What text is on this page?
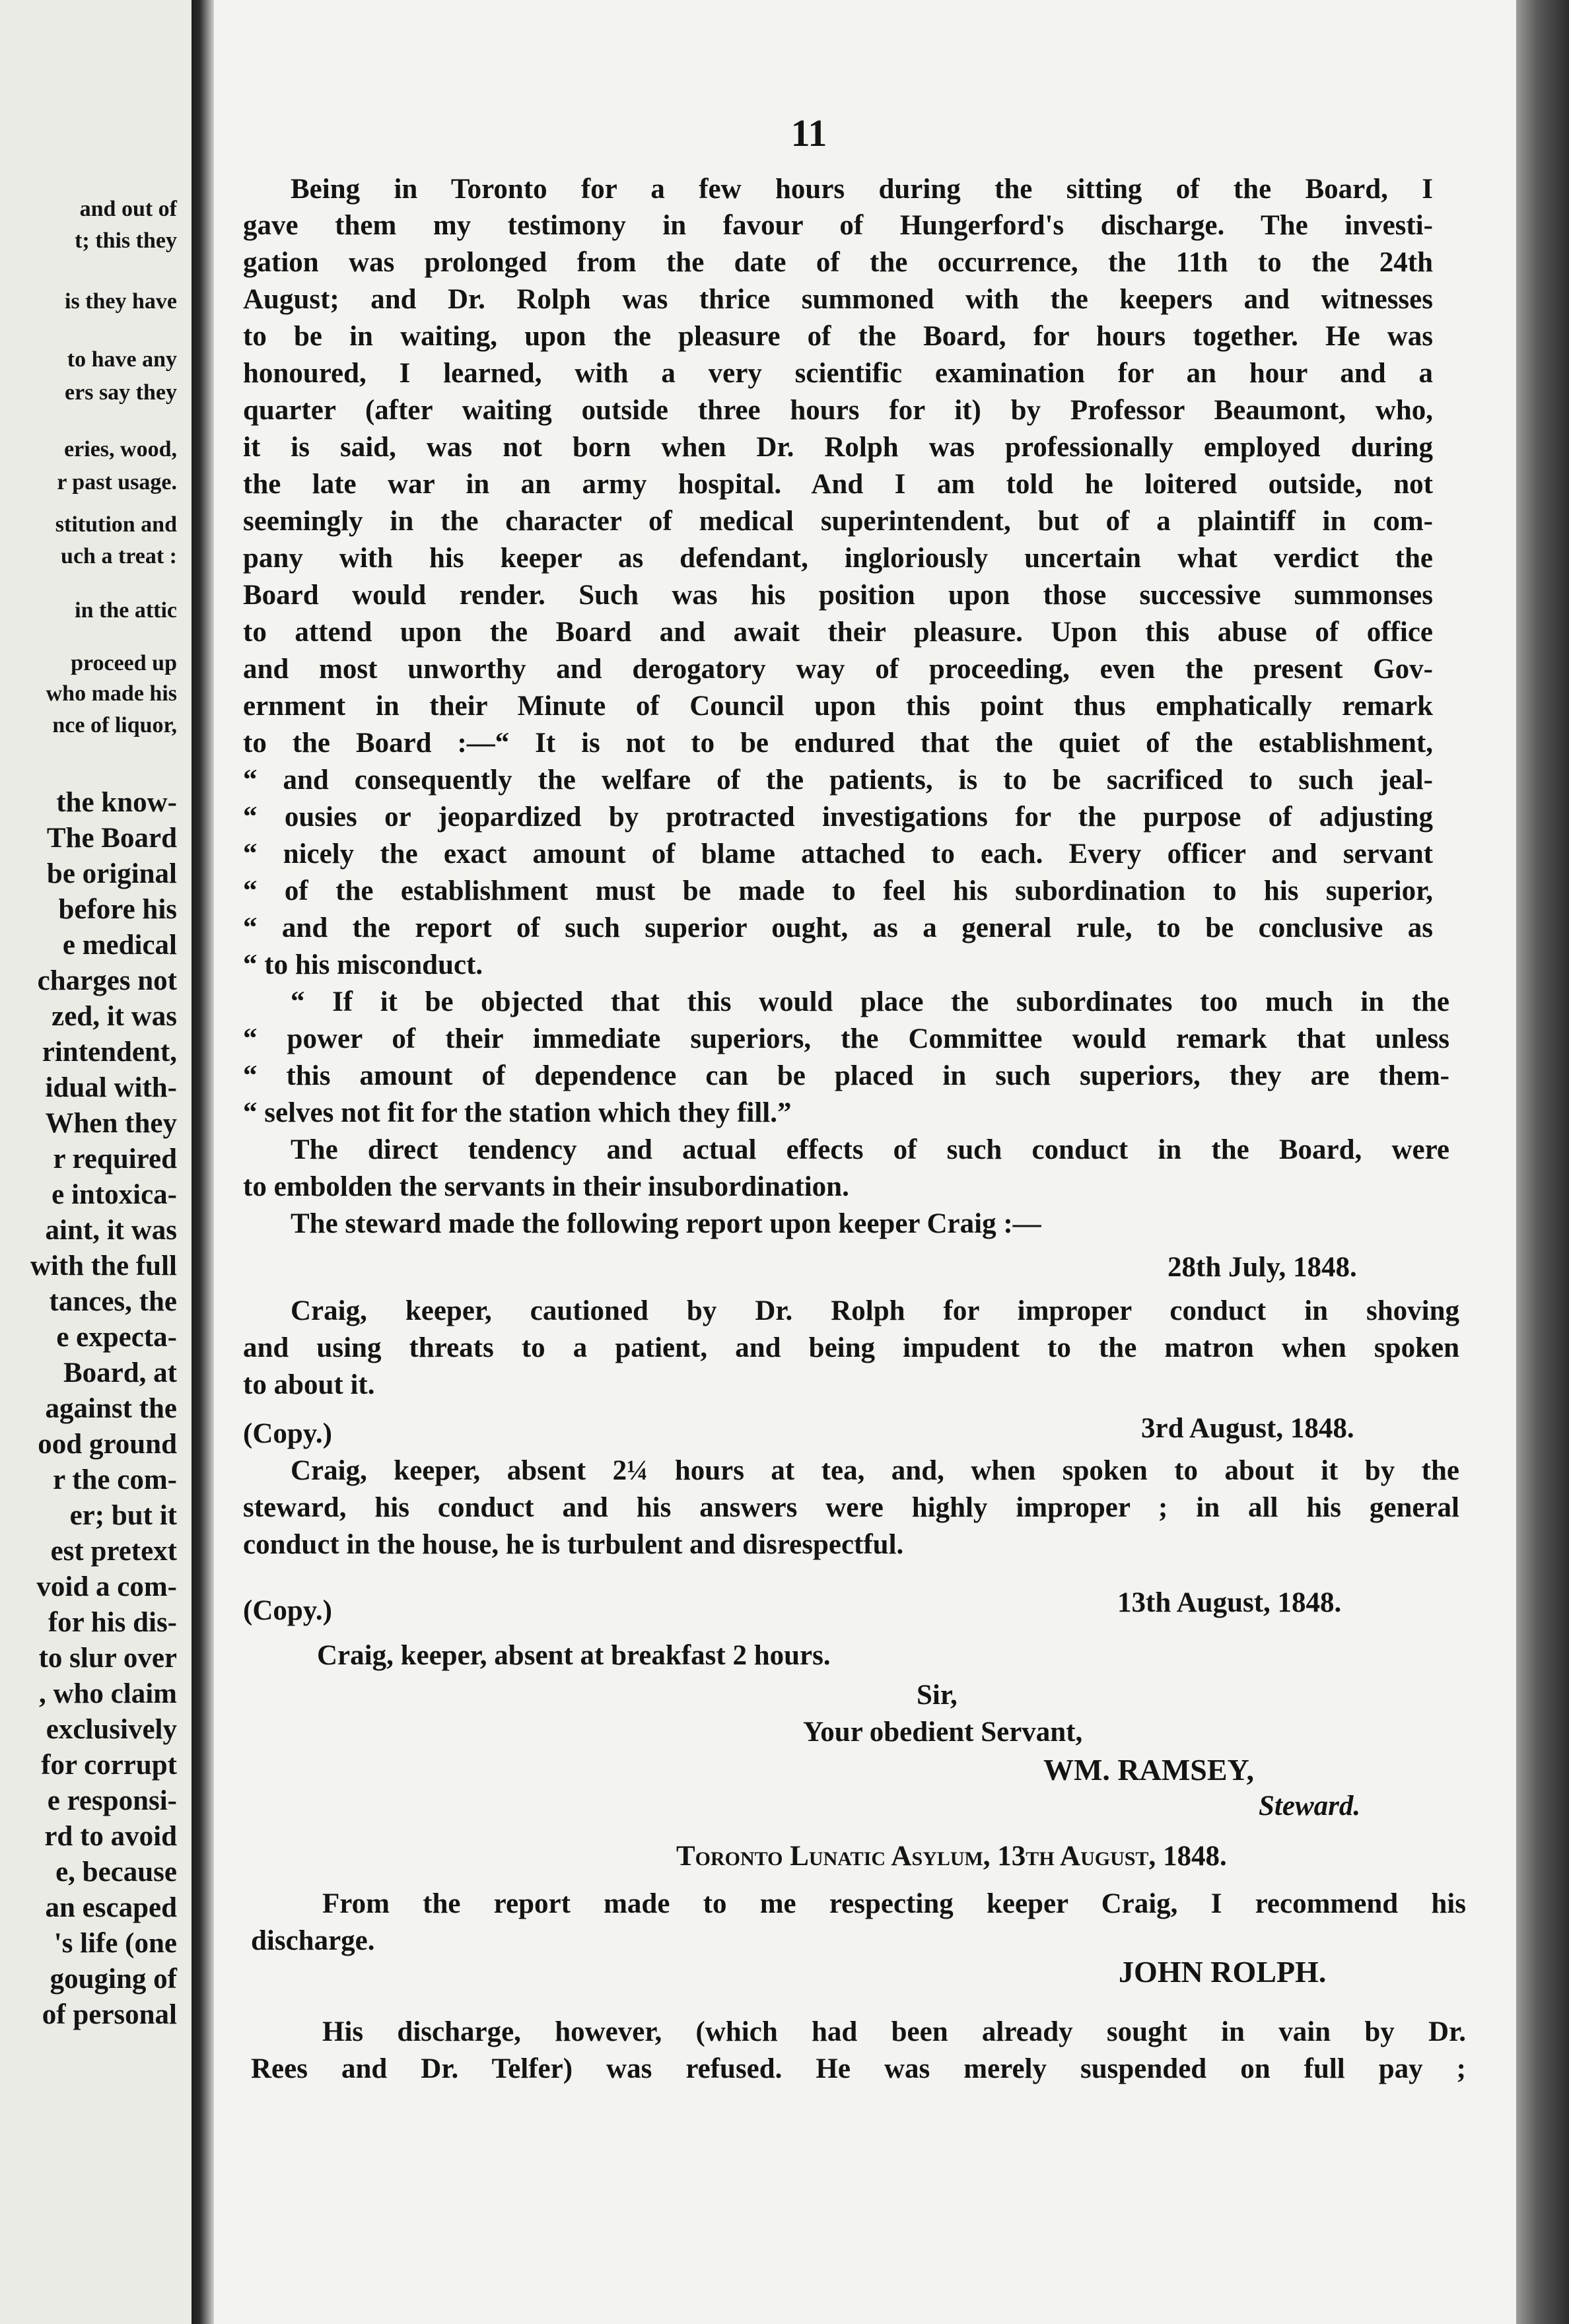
and out of
t; this they
is they have
to have any
ers say they
eries, wood,
r past usage.
stitution and
uch a treat :
in the attic
proceed up
who made his
nce of liquor,
the know-
The Board
be original
before his
e medical
charges not
zed, it was
rintendent,
idual with-
When they
r required
e intoxica-
aint, it was
with the full
tances, the
e expecta-
Board, at
against the
ood ground
r the com-
er; but it
est pretext
void a com-
for his dis-
to slur over
, who claim
exclusively
for corrupt
e responsi-
rd to avoid
e, because
an escaped
's life (one
gouging of
of personal
11
Being in Toronto for a few hours during the sitting of the Board, I
gave them my testimony in favour of Hungerford's discharge. The investi-
gation was prolonged from the date of the occurrence, the 11th to the 24th
August; and Dr. Rolph was thrice summoned with the keepers and witnesses
to be in waiting, upon the pleasure of the Board, for hours together. He was
honoured, I learned, with a very scientific examination for an hour and a
quarter (after waiting outside three hours for it) by Professor Beaumont, who,
it is said, was not born when Dr. Rolph was professionally employed during
the late war in an army hospital. And I am told he loitered outside, not
seemingly in the character of medical superintendent, but of a plaintiff in com-
pany with his keeper as defendant, ingloriously uncertain what verdict the
Board would render. Such was his position upon those successive summonses
to attend upon the Board and await their pleasure. Upon this abuse of office
and most unworthy and derogatory way of proceeding, even the present Gov-
ernment in their Minute of Council upon this point thus emphatically remark
to the Board :—“ It is not to be endured that the quiet of the establishment,
“ and consequently the welfare of the patients, is to be sacrificed to such jeal-
“ ousies or jeopardized by protracted investigations for the purpose of adjusting
“ nicely the exact amount of blame attached to each. Every officer and servant
“ of the establishment must be made to feel his subordination to his superior,
“ and the report of such superior ought, as a general rule, to be conclusive as
“ to his misconduct.
“ If it be objected that this would place the subordinates too much in the
“ power of their immediate superiors, the Committee would remark that unless
“ this amount of dependence can be placed in such superiors, they are them-
“ selves not fit for the station which they fill.”
The direct tendency and actual effects of such conduct in the Board, were
to embolden the servants in their insubordination.
The steward made the following report upon keeper Craig :—
28th July, 1848.
Craig, keeper, cautioned by Dr. Rolph for improper conduct in shoving
and using threats to a patient, and being impudent to the matron when spoken
to about it.
(Copy.)	3rd August, 1848.
Craig, keeper, absent 2¼ hours at tea, and, when spoken to about it by the
steward, his conduct and his answers were highly improper ; in all his general
conduct in the house, he is turbulent and disrespectful.
(Copy.)	13th August, 1848.
Craig, keeper, absent at breakfast 2 hours.
Sir,
Your obedient Servant,
WM. RAMSEY,
Steward.
Toronto Lunatic Asylum, 13th August, 1848.
From the report made to me respecting keeper Craig, I recommend his
discharge.
JOHN ROLPH.
His discharge, however, (which had been already sought in vain by Dr.
Rees and Dr. Telfer) was refused. He was merely suspended on full pay ;
